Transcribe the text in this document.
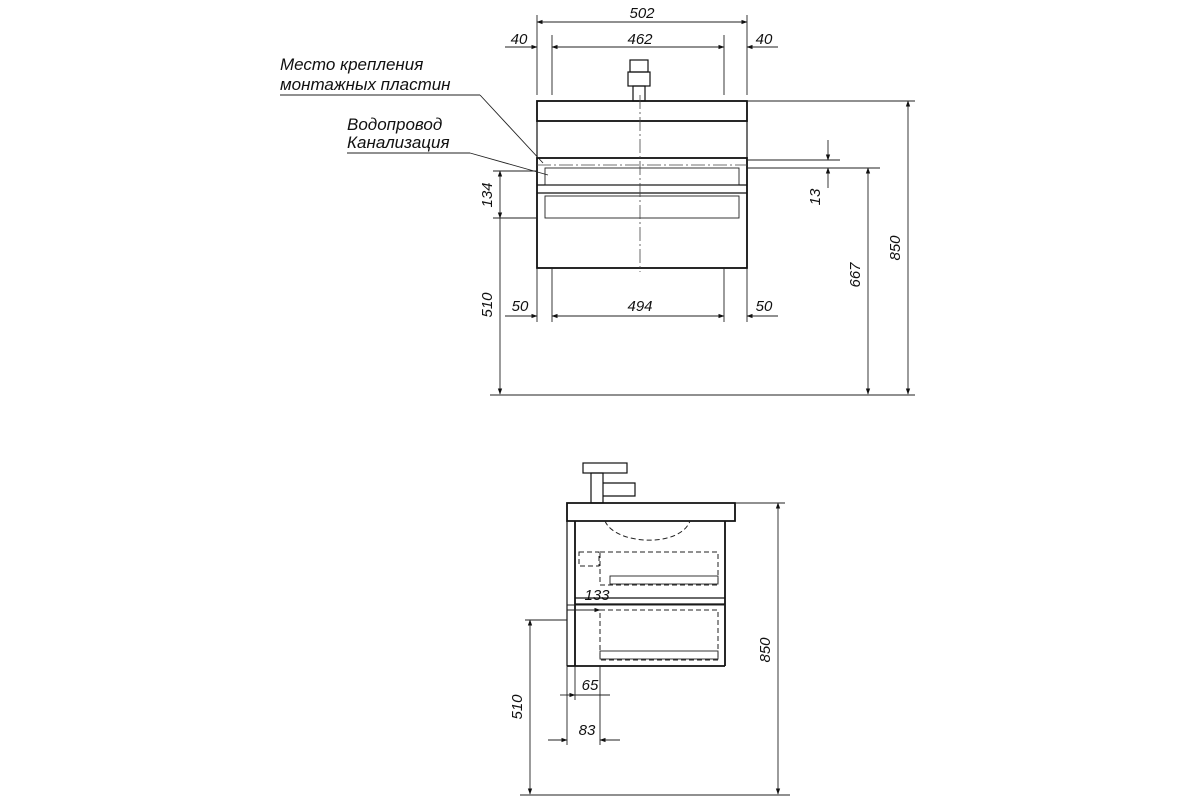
502
462
40	40
Место крепления
монтажных пластин
Водопровод
Канализация
134
510	494
50	50
13
667
850
133
65
83
510
850
